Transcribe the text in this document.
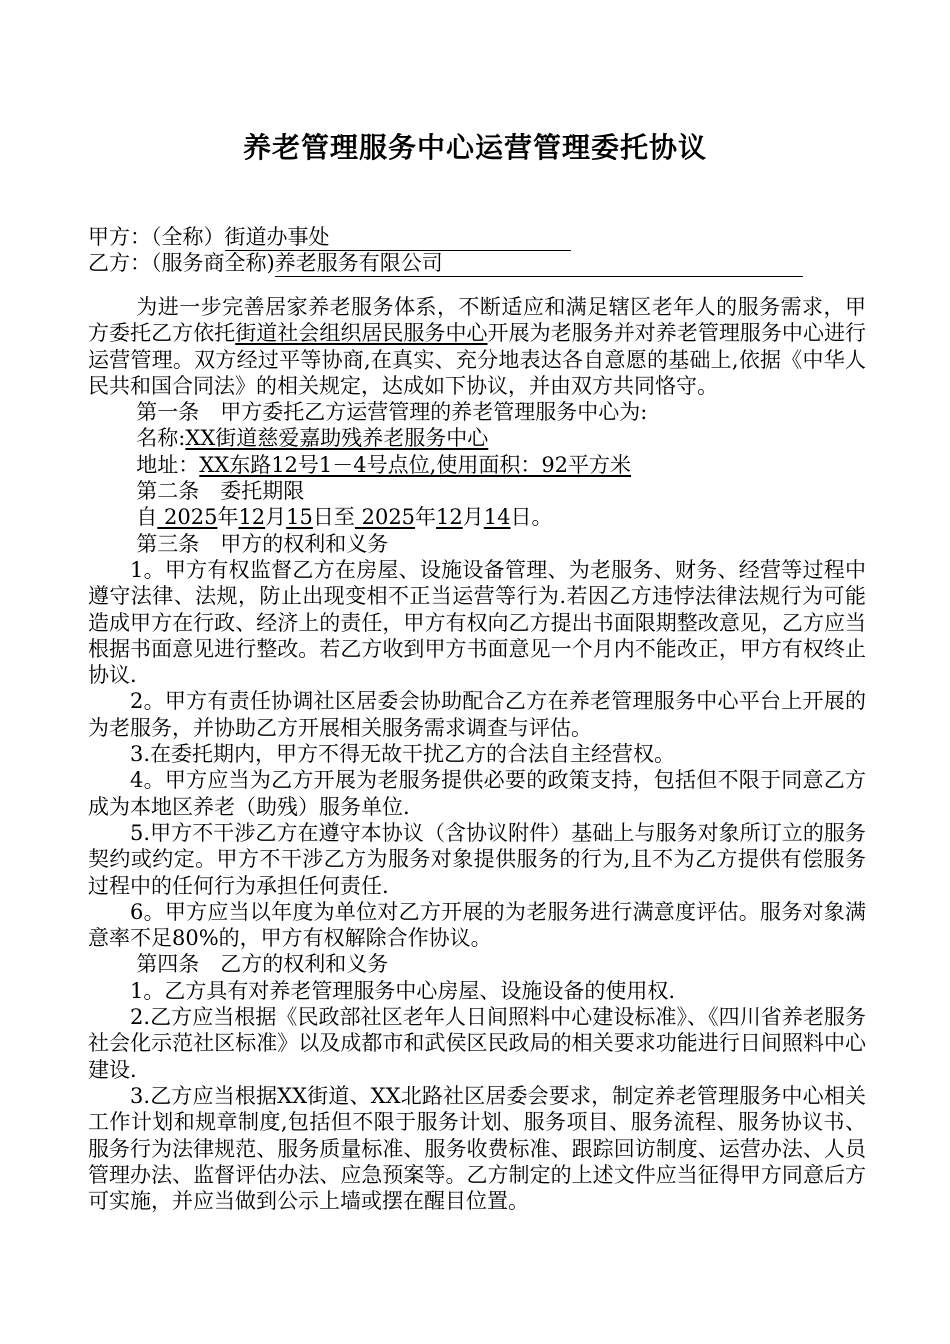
养老管理服务中心运营管理委托协议
甲方：（全称）街道办事处
乙方：（服务商全称)养老服务有限公司

为进一步完善居家养老服务体系，不断适应和满足辖区老年人的服务需求，甲方委托乙方依托街道社会组织居民服务中心开展为老服务并对养老管理服务中心进行运营管理。双方经过平等协商,在真实、充分地表达各自意愿的基础上,依据《中华人民共和国合同法》的相关规定，达成如下协议，并由双方共同恪守。

第一条　甲方委托乙方运营管理的养老管理服务中心为:

名称:XX街道慈爱嘉助残养老服务中心

地址：XX东路12号1－4号点位,使用面积：92平方米

第二条　委托期限

自 2025年12月15日至 2025年12月14日。

第三条　甲方的权利和义务

1。甲方有权监督乙方在房屋、设施设备管理、为老服务、财务、经营等过程中遵守法律、法规，防止出现变相不正当运营等行为.若因乙方违悖法律法规行为可能造成甲方在行政、经济上的责任，甲方有权向乙方提出书面限期整改意见，乙方应当根据书面意见进行整改。若乙方收到甲方书面意见一个月内不能改正，甲方有权终止协议.

2。甲方有责任协调社区居委会协助配合乙方在养老管理服务中心平台上开展的为老服务，并协助乙方开展相关服务需求调查与评估。

3.在委托期内，甲方不得无故干扰乙方的合法自主经营权。

4。甲方应当为乙方开展为老服务提供必要的政策支持，包括但不限于同意乙方成为本地区养老（助残）服务单位.

5.甲方不干涉乙方在遵守本协议（含协议附件）基础上与服务对象所订立的服务契约或约定。甲方不干涉乙方为服务对象提供服务的行为,且不为乙方提供有偿服务过程中的任何行为承担任何责任.

6。甲方应当以年度为单位对乙方开展的为老服务进行满意度评估。服务对象满意率不足80%的，甲方有权解除合作协议。

第四条　乙方的权利和义务

1。乙方具有对养老管理服务中心房屋、设施设备的使用权.

2.乙方应当根据《民政部社区老年人日间照料中心建设标准》、《四川省养老服务社会化示范社区标准》以及成都市和武侯区民政局的相关要求功能进行日间照料中心建设.

3.乙方应当根据XX街道、XX北路社区居委会要求，制定养老管理服务中心相关工作计划和规章制度,包括但不限于服务计划、服务项目、服务流程、服务协议书、服务行为法律规范、服务质量标准、服务收费标准、跟踪回访制度、运营办法、人员管理办法、监督评估办法、应急预案等。乙方制定的上述文件应当征得甲方同意后方可实施，并应当做到公示上墙或摆在醒目位置。
